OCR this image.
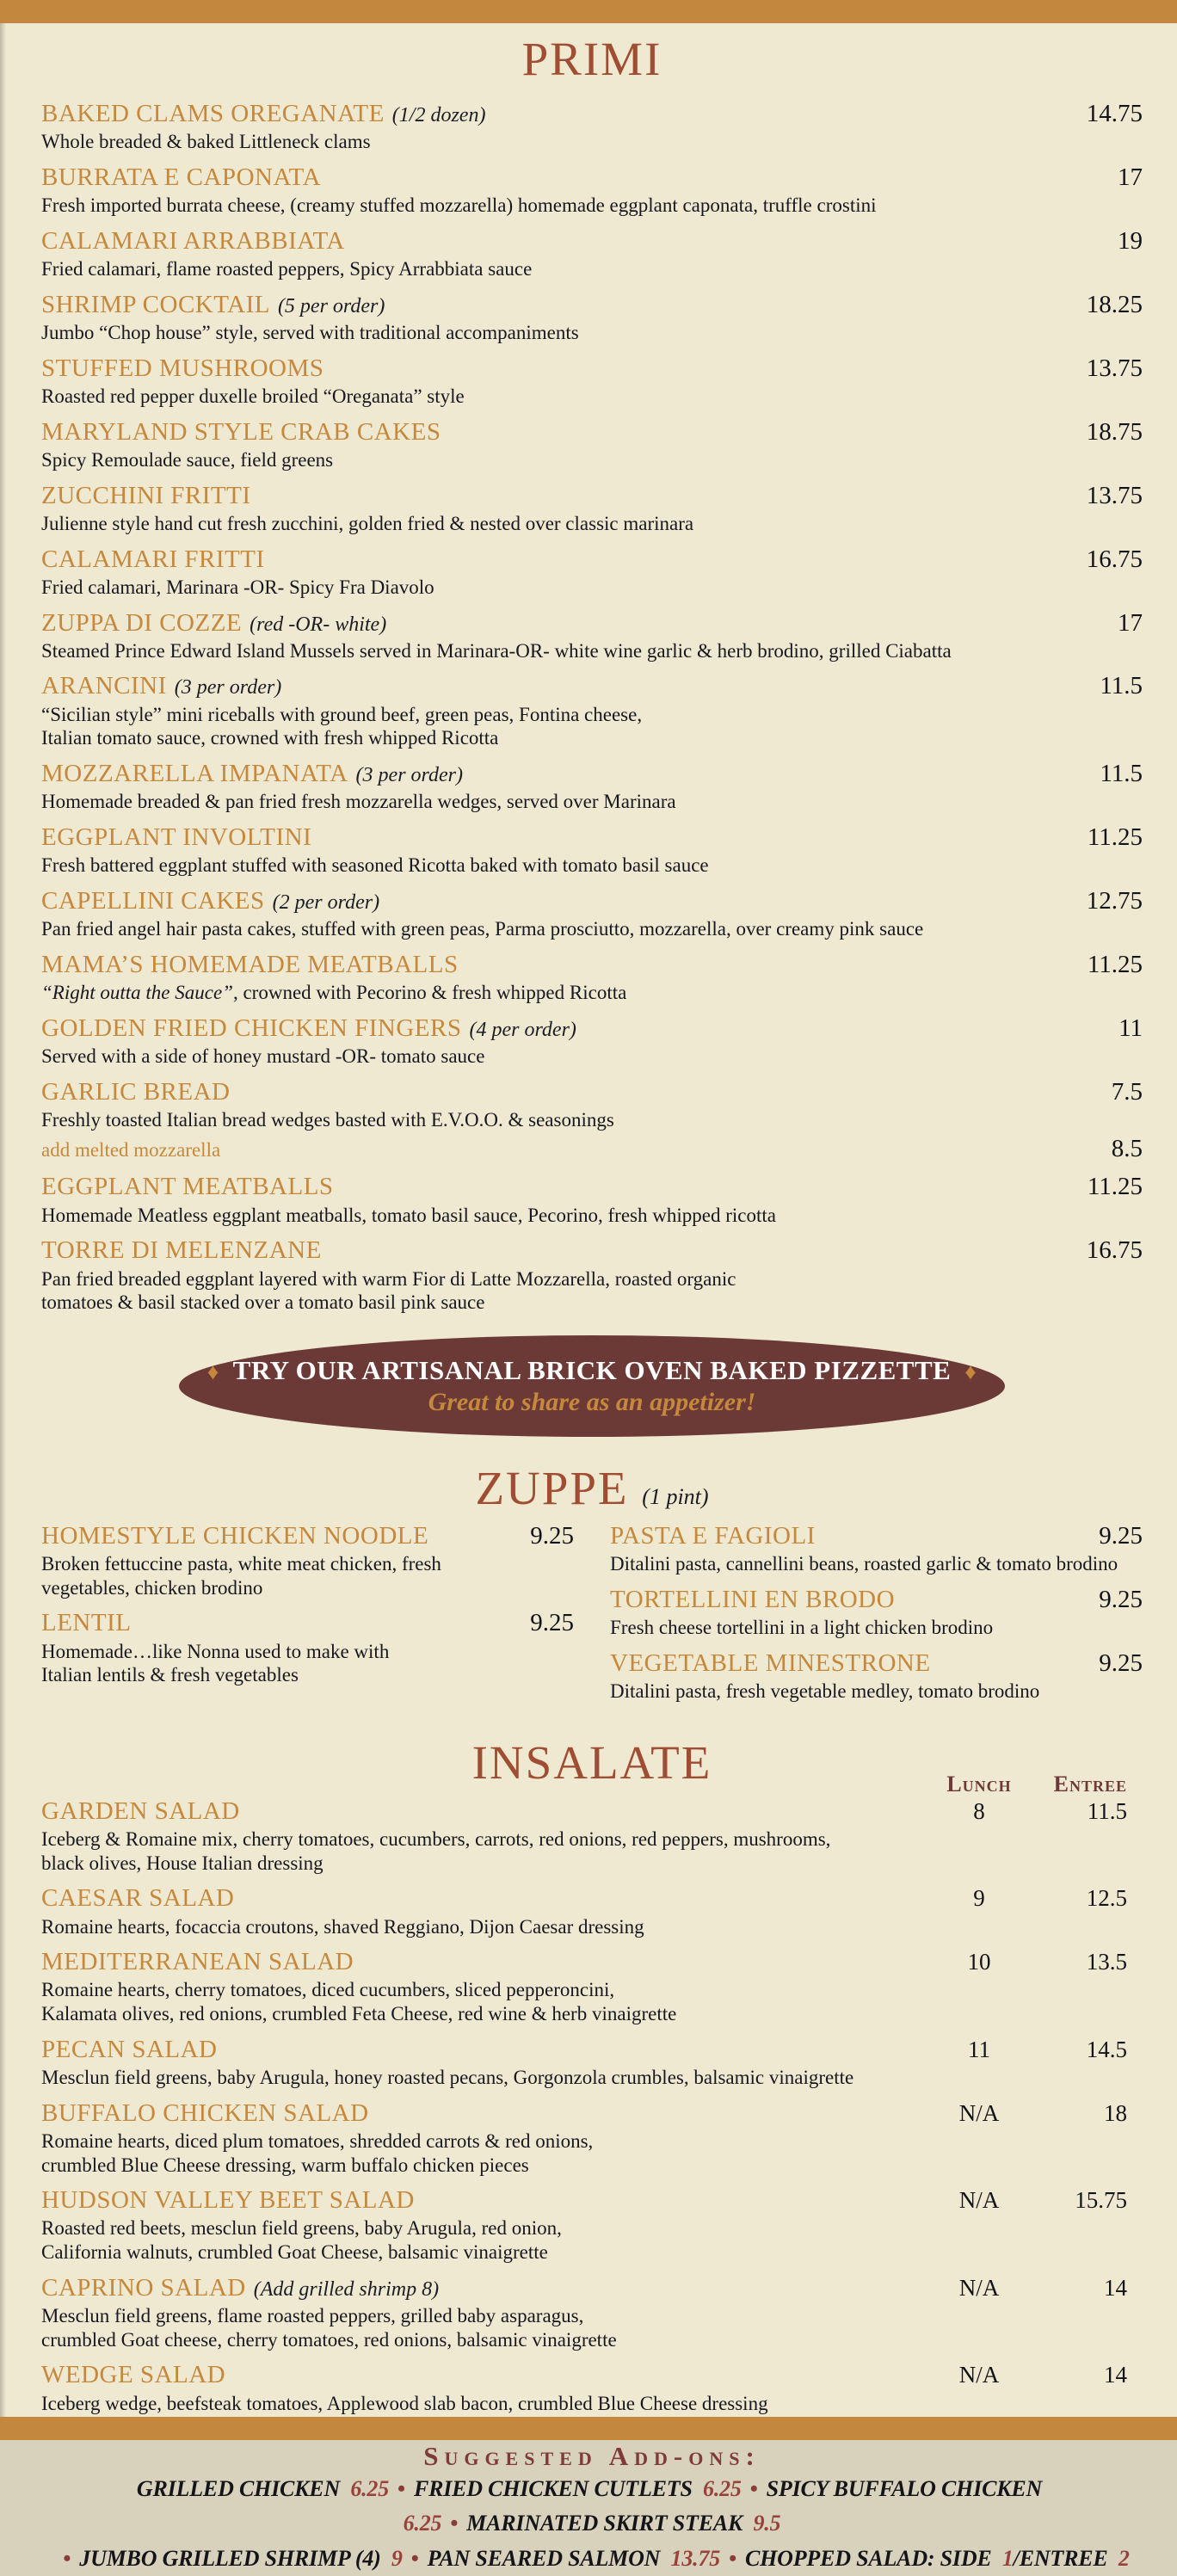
PRIMI
BAKED CLAMS OREGANATE (1/2 dozen)	14.75
Whole breaded & baked Littleneck clams
BURRATA E CAPONATA	17
Fresh imported burrata cheese, (creamy stuffed mozzarella) homemade eggplant caponata, truffle crostini
CALAMARI ARRABBIATA	19
Fried calamari, flame roasted peppers, Spicy Arrabbiata sauce
SHRIMP COCKTAIL (5 per order)	18.25
Jumbo “Chop house” style, served with traditional accompaniments
STUFFED MUSHROOMS	13.75
Roasted red pepper duxelle broiled “Oreganata” style
MARYLAND STYLE CRAB CAKES	18.75
Spicy Remoulade sauce, field greens
ZUCCHINI FRITTI	13.75
Julienne style hand cut fresh zucchini, golden fried & nested over classic marinara
CALAMARI FRITTI	16.75
Fried calamari, Marinara -OR- Spicy Fra Diavolo
ZUPPA DI COZZE (red -OR- white)	17
Steamed Prince Edward Island Mussels served in Marinara-OR- white wine garlic & herb brodino, grilled Ciabatta
ARANCINI (3 per order)	11.5
“Sicilian style” mini riceballs with ground beef, green peas, Fontina cheese,
Italian tomato sauce, crowned with fresh whipped Ricotta
MOZZARELLA IMPANATA (3 per order)	11.5
Homemade breaded & pan fried fresh mozzarella wedges, served over Marinara
EGGPLANT INVOLTINI	11.25
Fresh battered eggplant stuffed with seasoned Ricotta baked with tomato basil sauce
CAPELLINI CAKES (2 per order)	12.75
Pan fried angel hair pasta cakes, stuffed with green peas, Parma prosciutto, mozzarella, over creamy pink sauce
MAMA’S HOMEMADE MEATBALLS	11.25
“Right outta the Sauce”, crowned with Pecorino & fresh whipped Ricotta
GOLDEN FRIED CHICKEN FINGERS (4 per order)	11
Served with a side of honey mustard -OR- tomato sauce
GARLIC BREAD	7.5
Freshly toasted Italian bread wedges basted with E.V.O.O. & seasonings
add melted mozzarella	8.5
EGGPLANT MEATBALLS	11.25
Homemade Meatless eggplant meatballs, tomato basil sauce, Pecorino, fresh whipped ricotta
TORRE DI MELENZANE	16.75
Pan fried breaded eggplant layered with warm Fior di Latte Mozzarella, roasted organic
tomatoes & basil stacked over a tomato basil pink sauce
♦ TRY OUR ARTISANAL BRICK OVEN BAKED PIZZETTE ♦
Great to share as an appetizer!
ZUPPE (1 pint)
HOMESTYLE CHICKEN NOODLE	9.25
Broken fettuccine pasta, white meat chicken, fresh
vegetables, chicken brodino
LENTIL	9.25
Homemade…like Nonna used to make with
Italian lentils & fresh vegetables
PASTA E FAGIOLI	9.25
Ditalini pasta, cannellini beans, roasted garlic & tomato brodino
TORTELLINI EN BRODO	9.25
Fresh cheese tortellini in a light chicken brodino
VEGETABLE MINESTRONE	9.25
Ditalini pasta, fresh vegetable medley, tomato brodino
INSALATE	Lunch	Entree
GARDEN SALAD	8	11.5
Iceberg & Romaine mix, cherry tomatoes, cucumbers, carrots, red onions, red peppers, mushrooms,
black olives, House Italian dressing
CAESAR SALAD	9	12.5
Romaine hearts, focaccia croutons, shaved Reggiano, Dijon Caesar dressing
MEDITERRANEAN SALAD	10	13.5
Romaine hearts, cherry tomatoes, diced cucumbers, sliced pepperoncini,
Kalamata olives, red onions, crumbled Feta Cheese, red wine & herb vinaigrette
PECAN SALAD	11	14.5
Mesclun field greens, baby Arugula, honey roasted pecans, Gorgonzola crumbles, balsamic vinaigrette
BUFFALO CHICKEN SALAD	N/A	18
Romaine hearts, diced plum tomatoes, shredded carrots & red onions,
crumbled Blue Cheese dressing, warm buffalo chicken pieces
HUDSON VALLEY BEET SALAD	N/A	15.75
Roasted red beets, mesclun field greens, baby Arugula, red onion,
California walnuts, crumbled Goat Cheese, balsamic vinaigrette
CAPRINO SALAD (Add grilled shrimp 8)	N/A	14
Mesclun field greens, flame roasted peppers, grilled baby asparagus,
crumbled Goat cheese, cherry tomatoes, red onions, balsamic vinaigrette
WEDGE SALAD	N/A	14
Iceberg wedge, beefsteak tomatoes, Applewood slab bacon, crumbled Blue Cheese dressing
Suggested Add-ons:
GRILLED CHICKEN 6.25 • FRIED CHICKEN CUTLETS 6.25 • SPICY BUFFALO CHICKEN 6.25 • MARINATED SKIRT STEAK 9.5
• JUMBO GRILLED SHRIMP (4) 9 • PAN SEARED SALMON 13.75 • CHOPPED SALAD: SIDE 1/ENTREE 2
